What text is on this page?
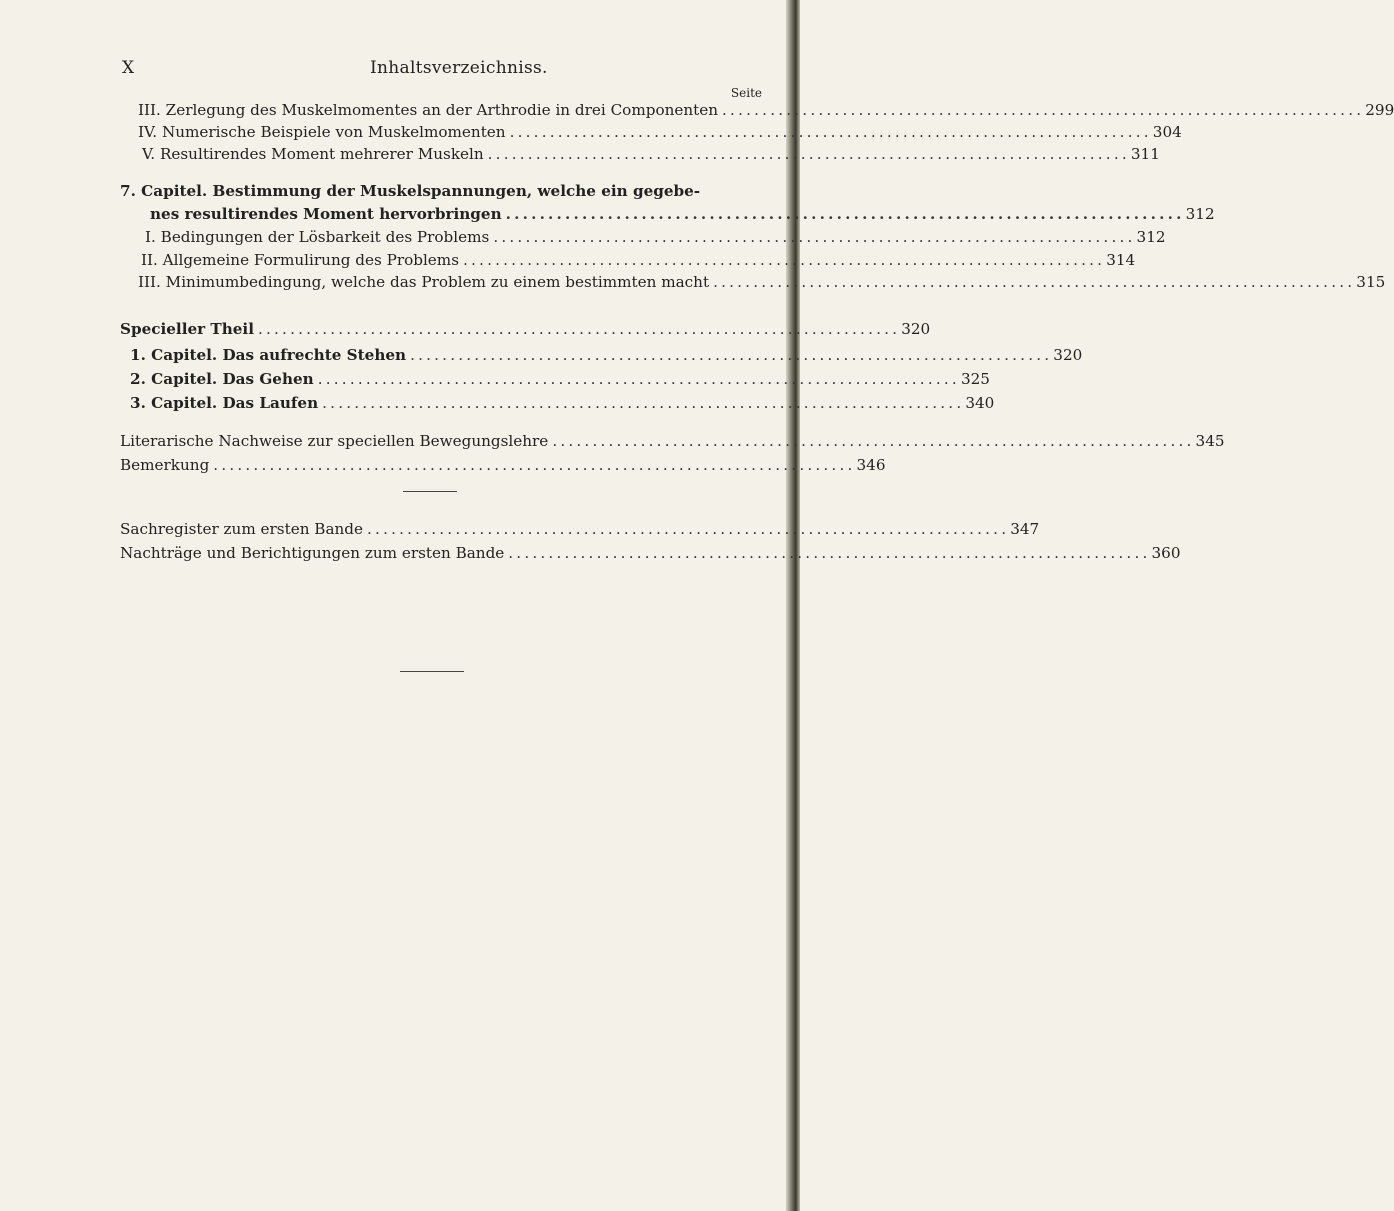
X	Inhaltsverzeichniss.
Seite
III. Zerlegung des Muskelmomentes an der Arthrodie in drei Componenten ................................................................................ 299
IV. Numerische Beispiele von Muskelmomenten ................................................................................ 304
V. Resultirendes Moment mehrerer Muskeln ................................................................................ 311
7. Capitel. Bestimmung der Muskelspannungen, welche ein gegebe-
nes resultirendes Moment hervorbringen ................................................................................ 312
I. Bedingungen der Lösbarkeit des Problems ................................................................................ 312
II. Allgemeine Formulirung des Problems ................................................................................ 314
III. Minimumbedingung, welche das Problem zu einem bestimmten macht ................................................................................ 315
Specieller Theil ................................................................................ 320
1. Capitel. Das aufrechte Stehen ................................................................................ 320
2. Capitel. Das Gehen ................................................................................ 325
3. Capitel. Das Laufen ................................................................................ 340
Literarische Nachweise zur speciellen Bewegungslehre ................................................................................ 345
Bemerkung ................................................................................ 346
Sachregister zum ersten Bande ................................................................................ 347
Nachträge und Berichtigungen zum ersten Bande ................................................................................ 360
